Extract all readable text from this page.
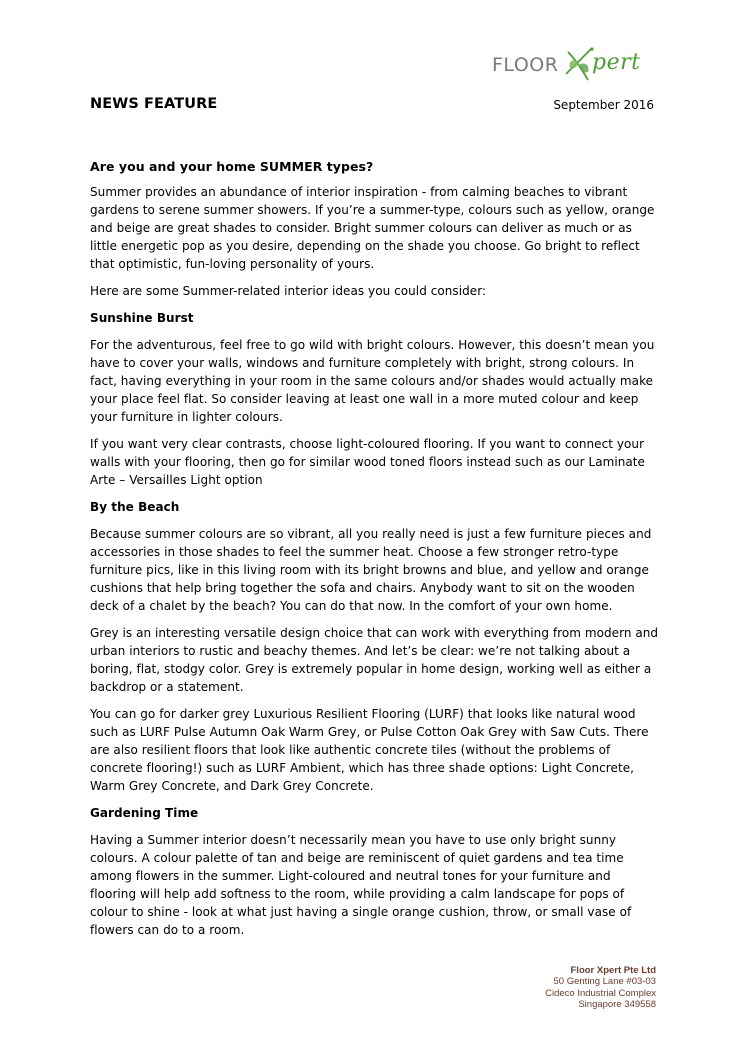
FLOOR pert
NEWS FEATURE	September 2016

Are you and your home SUMMER types?

Summer provides an abundance of interior inspiration - from calming beaches to vibrant gardens to serene summer showers. If you’re a summer-type, colours such as yellow, orange and beige are great shades to consider. Bright summer colours can deliver as much or as little energetic pop as you desire, depending on the shade you choose. Go bright to reflect that optimistic, fun-loving personality of yours.

Here are some Summer-related interior ideas you could consider:

Sunshine Burst

For the adventurous, feel free to go wild with bright colours. However, this doesn’t mean you have to cover your walls, windows and furniture completely with bright, strong colours. In fact, having everything in your room in the same colours and/or shades would actually make your place feel flat. So consider leaving at least one wall in a more muted colour and keep your furniture in lighter colours.

If you want very clear contrasts, choose light-coloured flooring. If you want to connect your walls with your flooring, then go for similar wood toned floors instead such as our Laminate Arte – Versailles Light option

By the Beach

Because summer colours are so vibrant, all you really need is just a few furniture pieces and accessories in those shades to feel the summer heat. Choose a few stronger retro-type furniture pics, like in this living room with its bright browns and blue, and yellow and orange cushions that help bring together the sofa and chairs. Anybody want to sit on the wooden deck of a chalet by the beach? You can do that now. In the comfort of your own home.

Grey is an interesting versatile design choice that can work with everything from modern and urban interiors to rustic and beachy themes. And let’s be clear: we’re not talking about a boring, flat, stodgy color. Grey is extremely popular in home design, working well as either a backdrop or a statement.

You can go for darker grey Luxurious Resilient Flooring (LURF) that looks like natural wood such as LURF Pulse Autumn Oak Warm Grey, or Pulse Cotton Oak Grey with Saw Cuts. There are also resilient floors that look like authentic concrete tiles (without the problems of concrete flooring!) such as LURF Ambient, which has three shade options: Light Concrete, Warm Grey Concrete, and Dark Grey Concrete.

Gardening Time

Having a Summer interior doesn’t necessarily mean you have to use only bright sunny colours. A colour palette of tan and beige are reminiscent of quiet gardens and tea time among flowers in the summer. Light-coloured and neutral tones for your furniture and flooring will help add softness to the room, while providing a calm landscape for pops of colour to shine - look at what just having a single orange cushion, throw, or small vase of flowers can do to a room.

Floor Xpert Pte Ltd
50 Genting Lane #03-03
Cideco Industrial Complex
Singapore 349558
